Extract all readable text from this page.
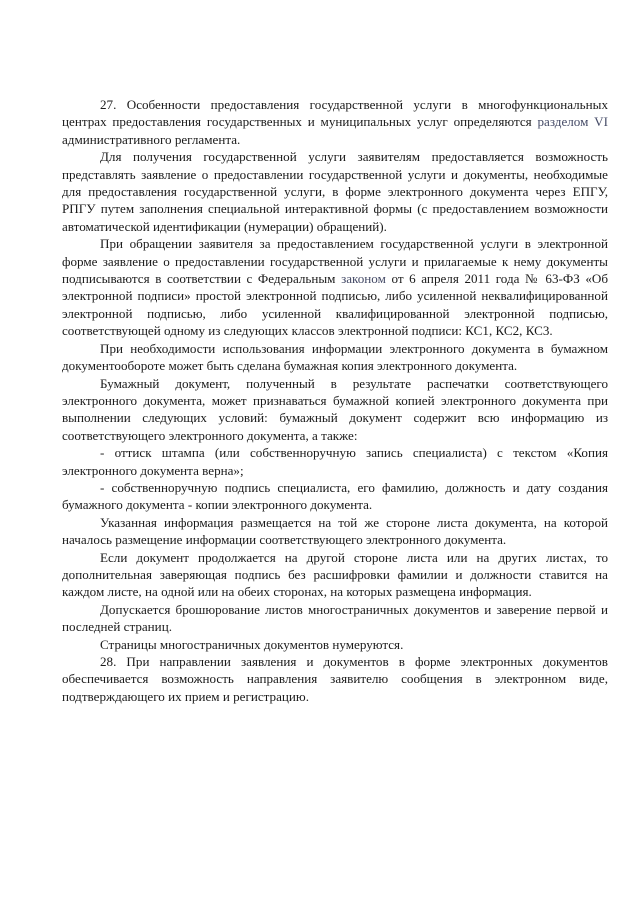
27. Особенности предоставления государственной услуги в многофункциональных центрах предоставления государственных и муниципальных услуг определяются разделом VI административного регламента.

Для получения государственной услуги заявителям предоставляется возможность представлять заявление о предоставлении государственной услуги и документы, необходимые для предоставления государственной услуги, в форме электронного документа через ЕПГУ, РПГУ путем заполнения специальной интерактивной формы (с предоставлением возможности автоматической идентификации (нумерации) обращений).

При обращении заявителя за предоставлением государственной услуги в электронной форме заявление о предоставлении государственной услуги и прилагаемые к нему документы подписываются в соответствии с Федеральным законом от 6 апреля 2011 года № 63-ФЗ «Об электронной подписи» простой электронной подписью, либо усиленной неквалифицированной электронной подписью, либо усиленной квалифицированной электронной подписью, соответствующей одному из следующих классов электронной подписи: КС1, КС2, КС3.

При необходимости использования информации электронного документа в бумажном документообороте может быть сделана бумажная копия электронного документа.

Бумажный документ, полученный в результате распечатки соответствующего электронного документа, может признаваться бумажной копией электронного документа при выполнении следующих условий: бумажный документ содержит всю информацию из соответствующего электронного документа, а также:

- оттиск штампа (или собственноручную запись специалиста) с текстом «Копия электронного документа верна»;

- собственноручную подпись специалиста, его фамилию, должность и дату создания бумажного документа - копии электронного документа.

Указанная информация размещается на той же стороне листа документа, на которой началось размещение информации соответствующего электронного документа.

Если документ продолжается на другой стороне листа или на других листах, то дополнительная заверяющая подпись без расшифровки фамилии и должности ставится на каждом листе, на одной или на обеих сторонах, на которых размещена информация.

Допускается брошюрование листов многостраничных документов и заверение первой и последней страниц.

Страницы многостраничных документов нумеруются.

28. При направлении заявления и документов в форме электронных документов обеспечивается возможность направления заявителю сообщения в электронном виде, подтверждающего их прием и регистрацию.
